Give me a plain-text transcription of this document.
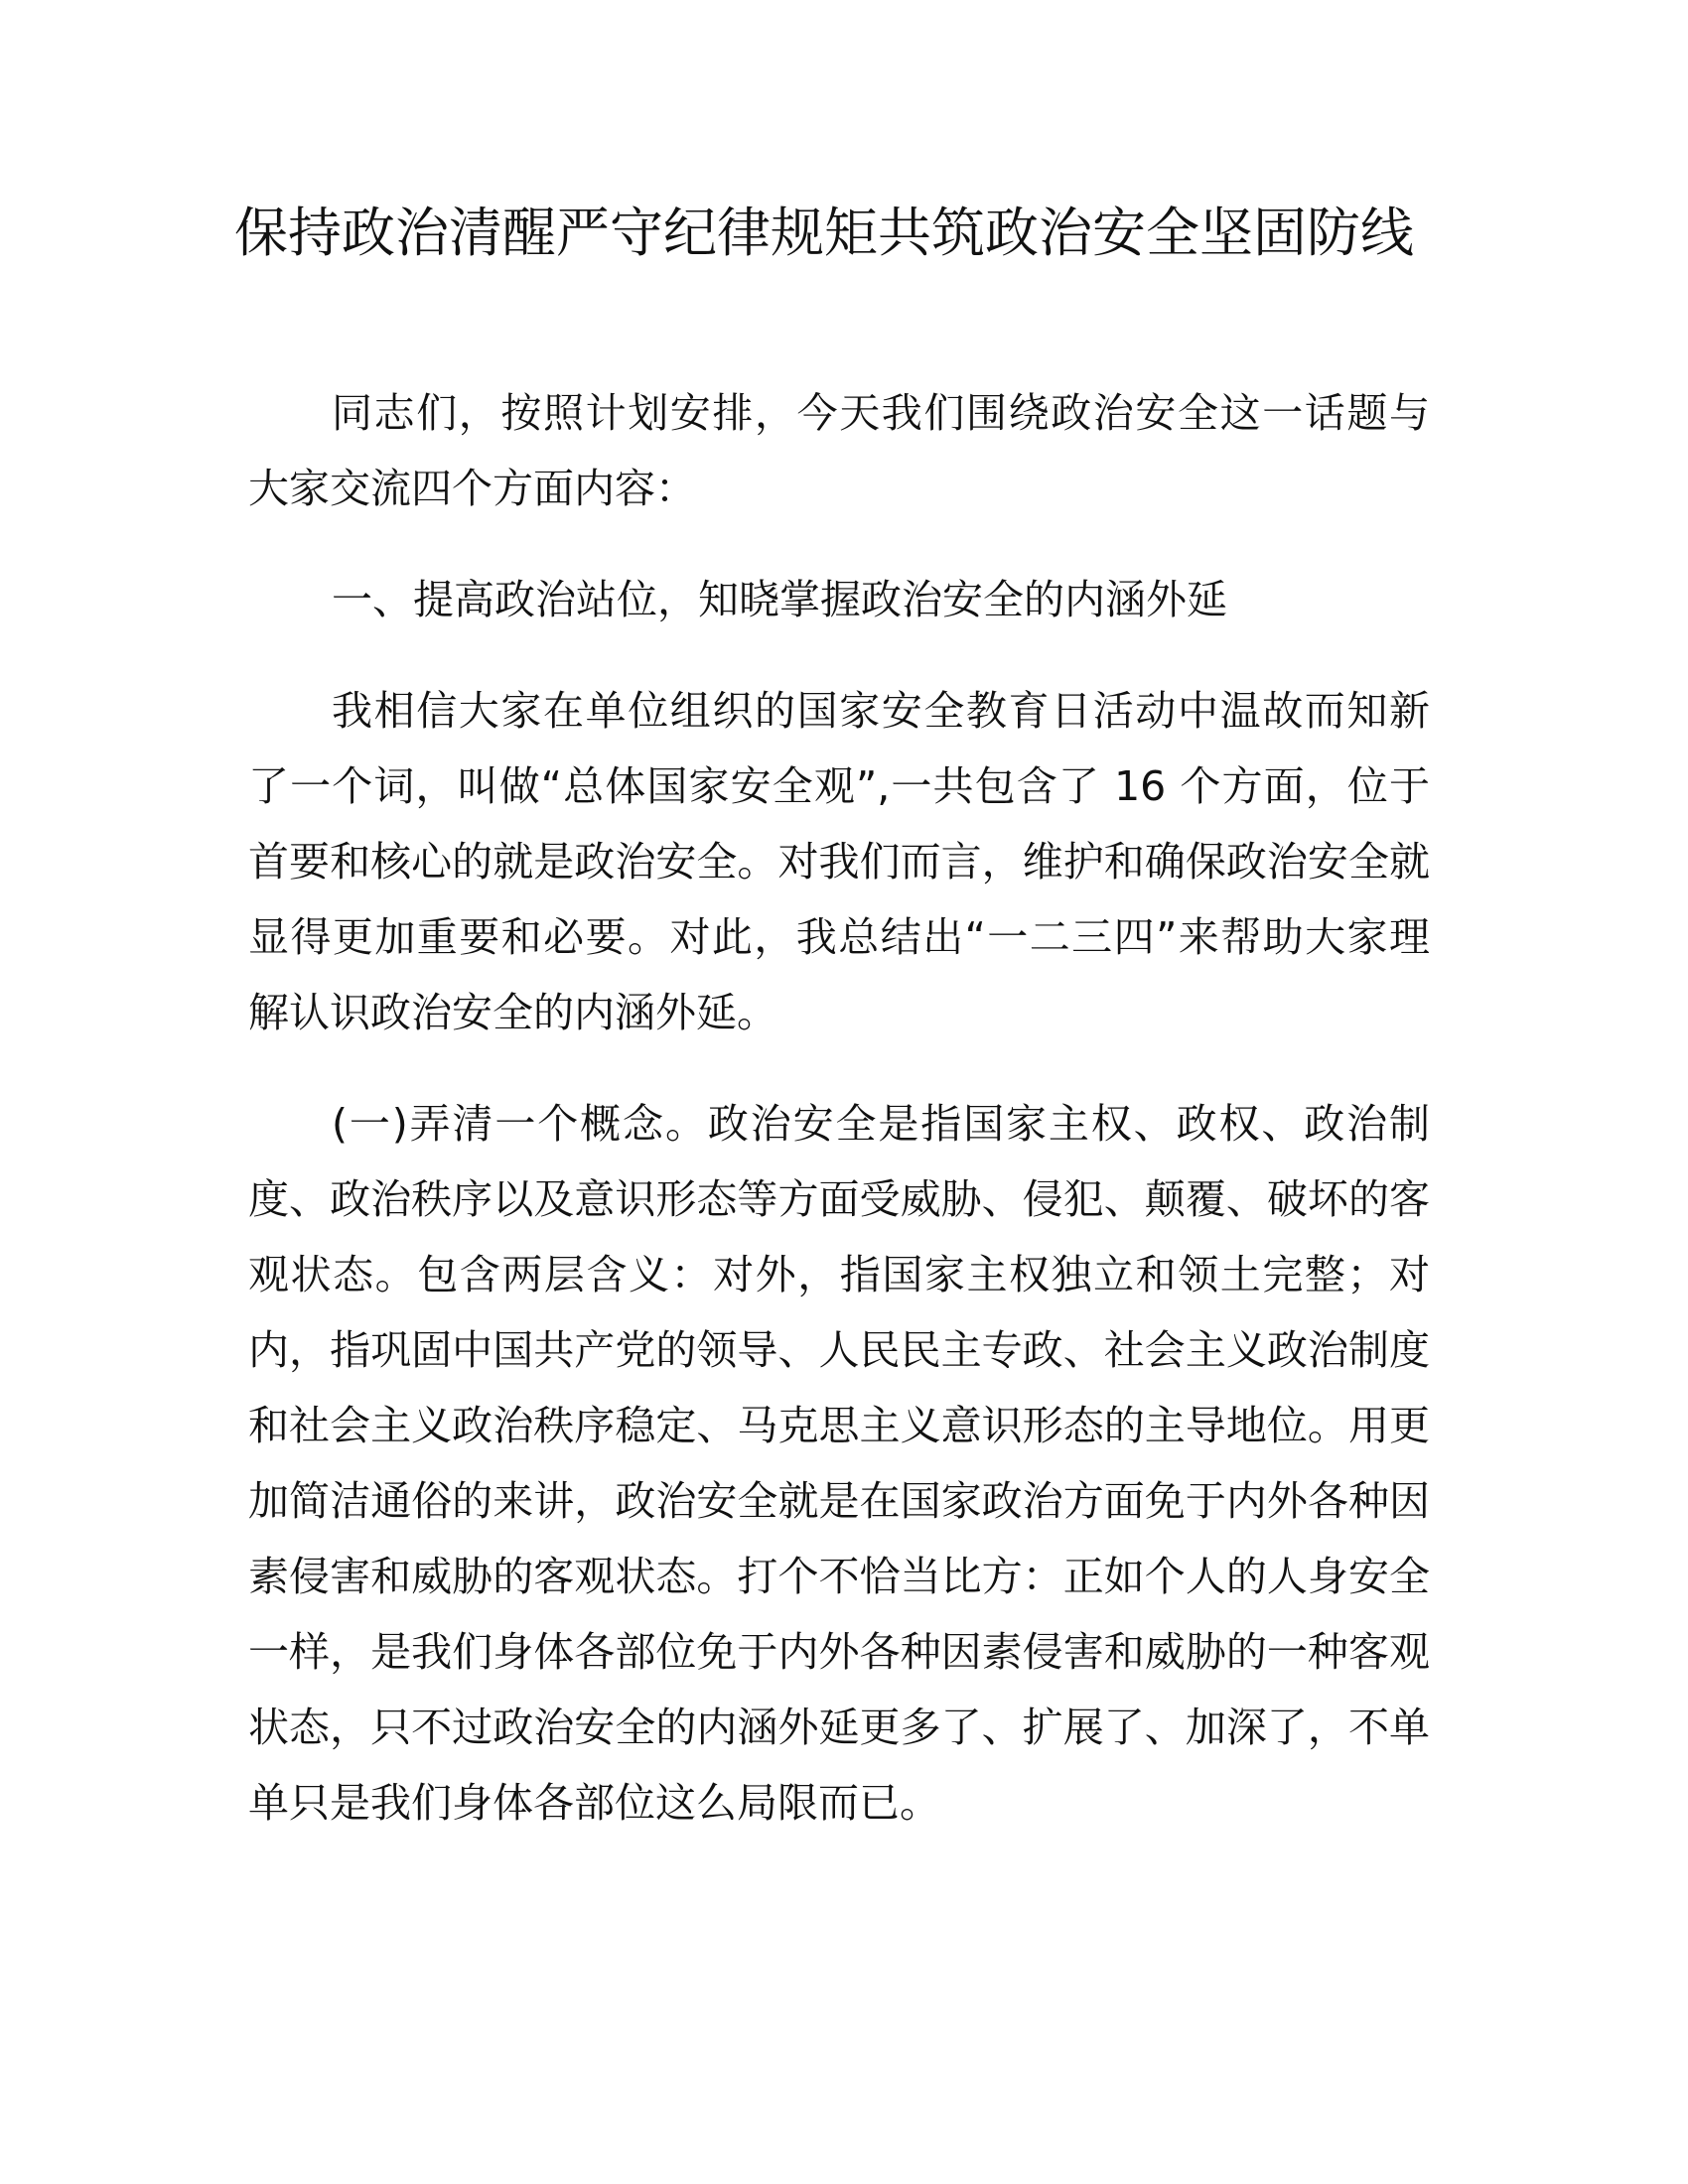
保持政治清醒严守纪律规矩共筑政治安全坚固防线

同志们，按照计划安排，今天我们围绕政治安全这一话题与大家交流四个方面内容：

一、提高政治站位，知晓掌握政治安全的内涵外延

我相信大家在单位组织的国家安全教育日活动中温故而知新了一个词，叫做“总体国家安全观”,一共包含了 16 个方面，位于首要和核心的就是政治安全。对我们而言，维护和确保政治安全就显得更加重要和必要。对此，我总结出“一二三四”来帮助大家理解认识政治安全的内涵外延。

(一)弄清一个概念。政治安全是指国家主权、政权、政治制度、政治秩序以及意识形态等方面受威胁、侵犯、颠覆、破坏的客观状态。包含两层含义：对外，指国家主权独立和领土完整；对内，指巩固中国共产党的领导、人民民主专政、社会主义政治制度和社会主义政治秩序稳定、马克思主义意识形态的主导地位。用更加简洁通俗的来讲，政治安全就是在国家政治方面免于内外各种因素侵害和威胁的客观状态。打个不恰当比方：正如个人的人身安全一样，是我们身体各部位免于内外各种因素侵害和威胁的一种客观状态，只不过政治安全的内涵外延更多了、扩展了、加深了，不单单只是我们身体各部位这么局限而已。
